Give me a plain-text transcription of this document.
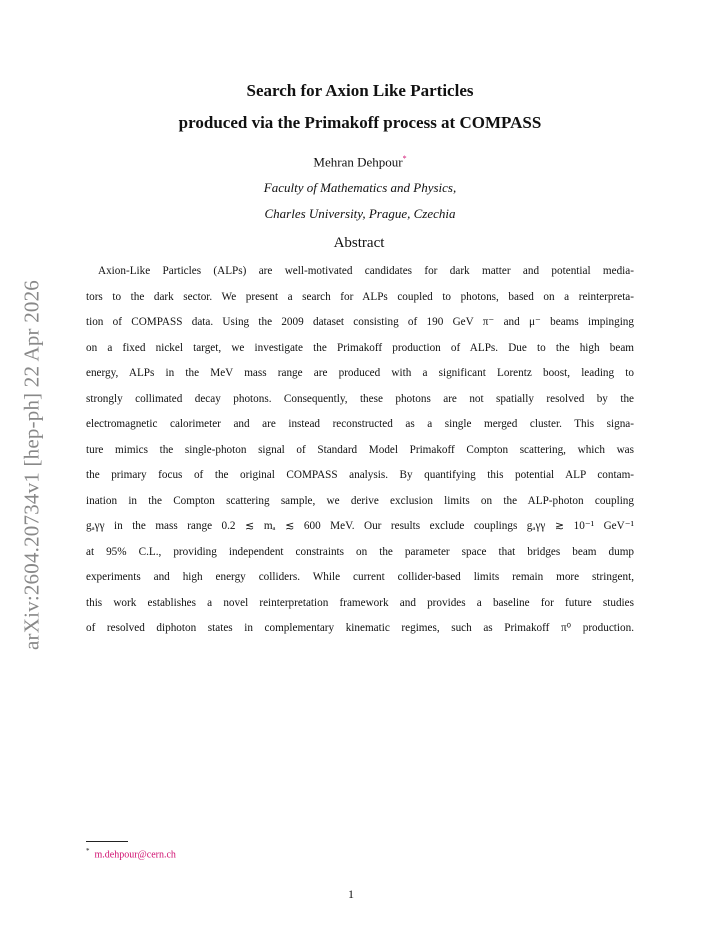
arXiv:2604.20734v1 [hep-ph] 22 Apr 2026
Search for Axion Like Particles
produced via the Primakoff process at COMPASS
Mehran Dehpour*
Faculty of Mathematics and Physics,
Charles University, Prague, Czechia
Abstract
Axion-Like Particles (ALPs) are well-motivated candidates for dark matter and potential media-
tors to the dark sector. We present a search for ALPs coupled to photons, based on a reinterpreta-
tion of COMPASS data. Using the 2009 dataset consisting of 190 GeV π⁻ and μ⁻ beams impinging
on a fixed nickel target, we investigate the Primakoff production of ALPs. Due to the high beam
energy, ALPs in the MeV mass range are produced with a significant Lorentz boost, leading to
strongly collimated decay photons. Consequently, these photons are not spatially resolved by the
electromagnetic calorimeter and are instead reconstructed as a single merged cluster. This signa-
ture mimics the single-photon signal of Standard Model Primakoff Compton scattering, which was
the primary focus of the original COMPASS analysis. By quantifying this potential ALP contam-
ination in the Compton scattering sample, we derive exclusion limits on the ALP-photon coupling
gₐγγ in the mass range 0.2 ≲ mₐ ≲ 600 MeV. Our results exclude couplings gₐγγ ≳ 10⁻¹ GeV⁻¹
at 95% C.L., providing independent constraints on the parameter space that bridges beam dump
experiments and high energy colliders. While current collider-based limits remain more stringent,
this work establishes a novel reinterpretation framework and provides a baseline for future studies
of resolved diphoton states in complementary kinematic regimes, such as Primakoff π⁰ production.
* m.dehpour@cern.ch
1
